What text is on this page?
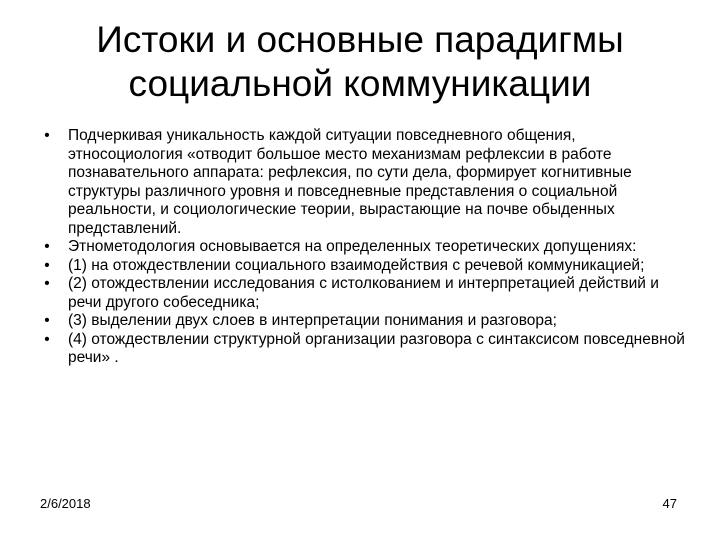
Истоки и основные парадигмы
социальной коммуникации
• Подчеркивая уникальность каждой ситуации повседневного общения, этносоциология «отводит большое место механизмам рефлексии в работе познавательного аппарата: рефлексия, по сути дела, формирует когнитивные структуры различного уровня и повседневные представления о социальной реальности, и социологические теории, вырастающие на почве обыденных представлений.
• Этнометодология основывается на определенных теоретических допущениях:
• (1) на отождествлении социального взаимодействия с речевой коммуникацией;
• (2) отождествлении исследования с истолкованием и интерпретацией действий и речи другого собеседника;
• (3) выделении двух слоев в интерпретации понимания и разговора;
• (4) отождествлении структурной организации разговора с синтаксисом повседневной речи» .
2/6/2018	47
